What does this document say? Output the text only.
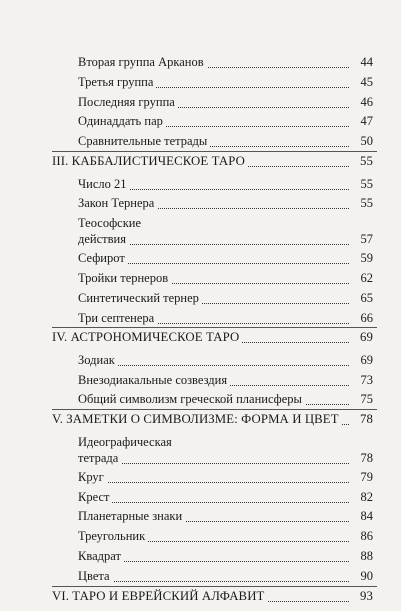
Вторая группа Арканов	44
Третья группа	45
Последняя группа	46
Одинаддать пар	47
Сравнительные тетрады	50
III. КАББАЛИСТИЧЕСКОЕ ТАРО	55
Число 21	55
Закон Тернера	55
Теософские
действия	57
Сефирот	59
Тройки тернеров	62
Синтетический тернер	65
Три септенера	66
IV. АСТРОНОМИЧЕСКОЕ ТАРО	69
Зодиак	69
Внезодиакальные созвездия	73
Общий символизм греческой планисферы	75
V. ЗАМЕТКИ О СИМВОЛИЗМЕ: ФОРМА И ЦВЕТ	78
Идеографическая
тетрада	78
Круг	79
Крест	82
Планетарные знаки	84
Треугольник	86
Квадрат	88
Цвета	90
VI. ТАРО И ЕВРЕЙСКИЙ АЛФАВИТ	93
